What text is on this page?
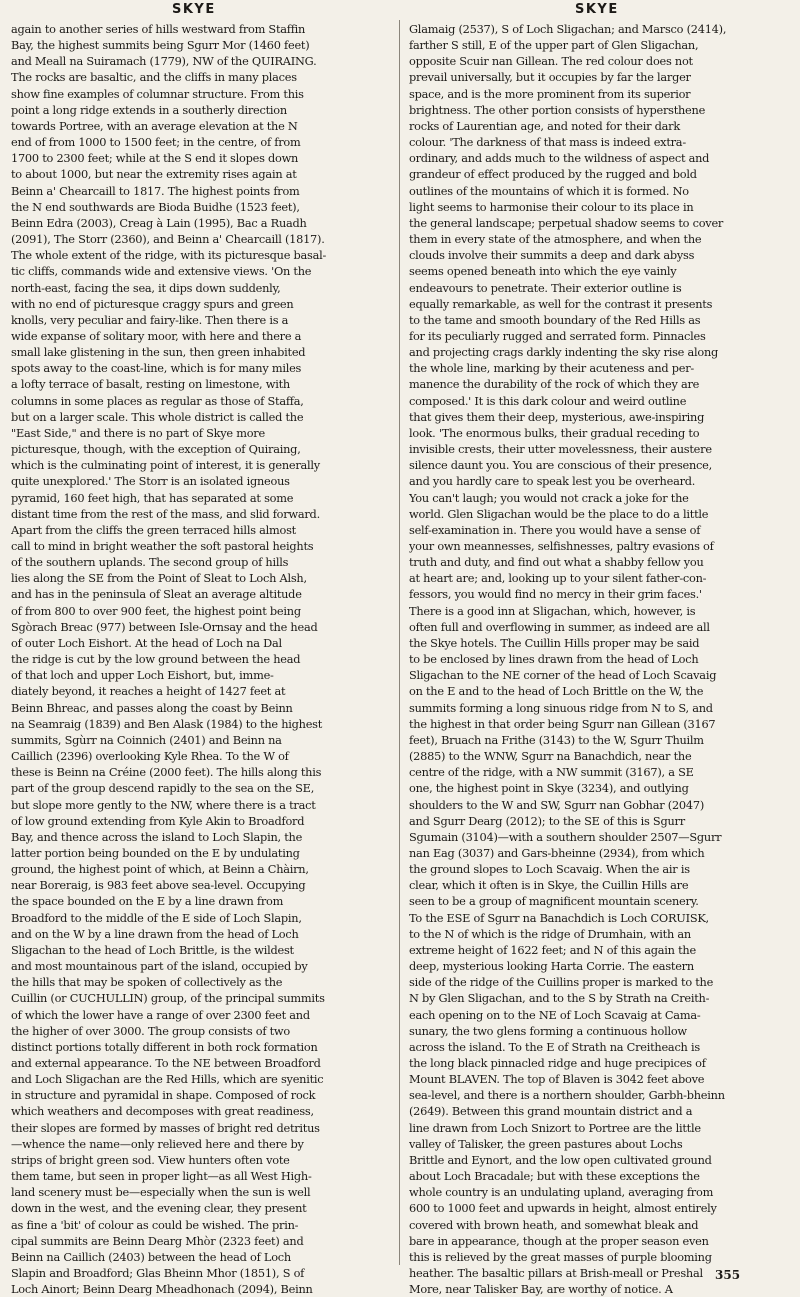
SKYE	SKYE
again to another series of hills westward from Staffin
Bay, the highest summits being Sgurr Mor (1460 feet)
and Meall na Suiramach (1779), NW of the QUIRAING.
The rocks are basaltic, and the cliffs in many places
show fine examples of columnar structure. From this
point a long ridge extends in a southerly direction
towards Portree, with an average elevation at the N
end of from 1000 to 1500 feet; in the centre, of from
1700 to 2300 feet; while at the S end it slopes down
to about 1000, but near the extremity rises again at
Beinn a' Chearcaill to 1817. The highest points from
the N end southwards are Bioda Buidhe (1523 feet),
Beinn Edra (2003), Creag à Lain (1995), Bac a Ruadh
(2091), The Storr (2360), and Beinn a' Chearcaill (1817).
The whole extent of the ridge, with its picturesque basal-
tic cliffs, commands wide and extensive views. 'On the
north-east, facing the sea, it dips down suddenly,
with no end of picturesque craggy spurs and green
knolls, very peculiar and fairy-like. Then there is a
wide expanse of solitary moor, with here and there a
small lake glistening in the sun, then green inhabited
spots away to the coast-line, which is for many miles
a lofty terrace of basalt, resting on limestone, with
columns in some places as regular as those of Staffa,
but on a larger scale. This whole district is called the
"East Side," and there is no part of Skye more
picturesque, though, with the exception of Quiraing,
which is the culminating point of interest, it is generally
quite unexplored.' The Storr is an isolated igneous
pyramid, 160 feet high, that has separated at some
distant time from the rest of the mass, and slid forward.
Apart from the cliffs the green terraced hills almost
call to mind in bright weather the soft pastoral heights
of the southern uplands. The second group of hills
lies along the SE from the Point of Sleat to Loch Alsh,
and has in the peninsula of Sleat an average altitude
of from 800 to over 900 feet, the highest point being
Sgòrach Breac (977) between Isle-Ornsay and the head
of outer Loch Eishort. At the head of Loch na Dal
the ridge is cut by the low ground between the head
of that loch and upper Loch Eishort, but, imme-
diately beyond, it reaches a height of 1427 feet at
Beinn Bhreac, and passes along the coast by Beinn
na Seamraig (1839) and Ben Alask (1984) to the highest
summits, Sgùrr na Coinnich (2401) and Beinn na
Caillich (2396) overlooking Kyle Rhea. To the W of
these is Beinn na Créine (2000 feet). The hills along this
part of the group descend rapidly to the sea on the SE,
but slope more gently to the NW, where there is a tract
of low ground extending from Kyle Akin to Broadford
Bay, and thence across the island to Loch Slapin, the
latter portion being bounded on the E by undulating
ground, the highest point of which, at Beinn a Chàirn,
near Boreraig, is 983 feet above sea-level. Occupying
the space bounded on the E by a line drawn from
Broadford to the middle of the E side of Loch Slapin,
and on the W by a line drawn from the head of Loch
Sligachan to the head of Loch Brittle, is the wildest
and most mountainous part of the island, occupied by
the hills that may be spoken of collectively as the
Cuillin (or CUCHULLIN) group, of the principal summits
of which the lower have a range of over 2300 feet and
the higher of over 3000. The group consists of two
distinct portions totally different in both rock formation
and external appearance. To the NE between Broadford
and Loch Sligachan are the Red Hills, which are syenitic
in structure and pyramidal in shape. Composed of rock
which weathers and decomposes with great readiness,
their slopes are formed by masses of bright red detritus
—whence the name—only relieved here and there by
strips of bright green sod. View hunters often vote
them tame, but seen in proper light—as all West High-
land scenery must be—especially when the sun is well
down in the west, and the evening clear, they present
as fine a 'bit' of colour as could be wished. The prin-
cipal summits are Beinn Dearg Mhòr (2323 feet) and
Beinn na Caillich (2403) between the head of Loch
Slapin and Broadford; Glas Bheinn Mhor (1851), S of
Loch Ainort; Beinn Dearg Mheadhonach (2094), Beinn
Glamaig (2537), S of Loch Sligachan; and Marsco (2414),
farther S still, E of the upper part of Glen Sligachan,
opposite Scuir nan Gillean. The red colour does not
prevail universally, but it occupies by far the larger
space, and is the more prominent from its superior
brightness. The other portion consists of hypersthene
rocks of Laurentian age, and noted for their dark
colour. 'The darkness of that mass is indeed extra-
ordinary, and adds much to the wildness of aspect and
grandeur of effect produced by the rugged and bold
outlines of the mountains of which it is formed. No
light seems to harmonise their colour to its place in
the general landscape; perpetual shadow seems to cover
them in every state of the atmosphere, and when the
clouds involve their summits a deep and dark abyss
seems opened beneath into which the eye vainly
endeavours to penetrate. Their exterior outline is
equally remarkable, as well for the contrast it presents
to the tame and smooth boundary of the Red Hills as
for its peculiarly rugged and serrated form. Pinnacles
and projecting crags darkly indenting the sky rise along
the whole line, marking by their acuteness and per-
manence the durability of the rock of which they are
composed.' It is this dark colour and weird outline
that gives them their deep, mysterious, awe-inspiring
look. 'The enormous bulks, their gradual receding to
invisible crests, their utter movelessness, their austere
silence daunt you. You are conscious of their presence,
and you hardly care to speak lest you be overheard.
You can't laugh; you would not crack a joke for the
world. Glen Sligachan would be the place to do a little
self-examination in. There you would have a sense of
your own meannesses, selfishnesses, paltry evasions of
truth and duty, and find out what a shabby fellow you
at heart are; and, looking up to your silent father-con-
fessors, you would find no mercy in their grim faces.'
There is a good inn at Sligachan, which, however, is
often full and overflowing in summer, as indeed are all
the Skye hotels. The Cuillin Hills proper may be said
to be enclosed by lines drawn from the head of Loch
Sligachan to the NE corner of the head of Loch Scavaig
on the E and to the head of Loch Brittle on the W, the
summits forming a long sinuous ridge from N to S, and
the highest in that order being Sgurr nan Gillean (3167
feet), Bruach na Frithe (3143) to the W, Sgurr Thuilm
(2885) to the WNW, Sgurr na Banachdich, near the
centre of the ridge, with a NW summit (3167), a SE
one, the highest point in Skye (3234), and outlying
shoulders to the W and SW, Sgurr nan Gobhar (2047)
and Sgurr Dearg (2012); to the SE of this is Sgurr
Sgumain (3104)—with a southern shoulder 2507—Sgurr
nan Eag (3037) and Gars-bheinne (2934), from which
the ground slopes to Loch Scavaig. When the air is
clear, which it often is in Skye, the Cuillin Hills are
seen to be a group of magnificent mountain scenery.
To the ESE of Sgurr na Banachdich is Loch CORUISK,
to the N of which is the ridge of Drumhain, with an
extreme height of 1622 feet; and N of this again the
deep, mysterious looking Harta Corrie. The eastern
side of the ridge of the Cuillins proper is marked to the
N by Glen Sligachan, and to the S by Strath na Creith-
each opening on to the NE of Loch Scavaig at Cama-
sunary, the two glens forming a continuous hollow
across the island. To the E of Strath na Creitheach is
the long black pinnacled ridge and huge precipices of
Mount BLAVEN. The top of Blaven is 3042 feet above
sea-level, and there is a northern shoulder, Garbh-bheinn
(2649). Between this grand mountain district and a
line drawn from Loch Snizort to Portree are the little
valley of Talisker, the green pastures about Lochs
Brittle and Eynort, and the low open cultivated ground
about Loch Bracadale; but with these exceptions the
whole country is an undulating upland, averaging from
600 to 1000 feet and upwards in height, almost entirely
covered with brown heath, and somewhat bleak and
bare in appearance, though at the proper season even
this is relieved by the great masses of purple blooming
heather. The basaltic pillars at Brish-meall or Preshal
More, near Talisker Bay, are worthy of notice. A
355
